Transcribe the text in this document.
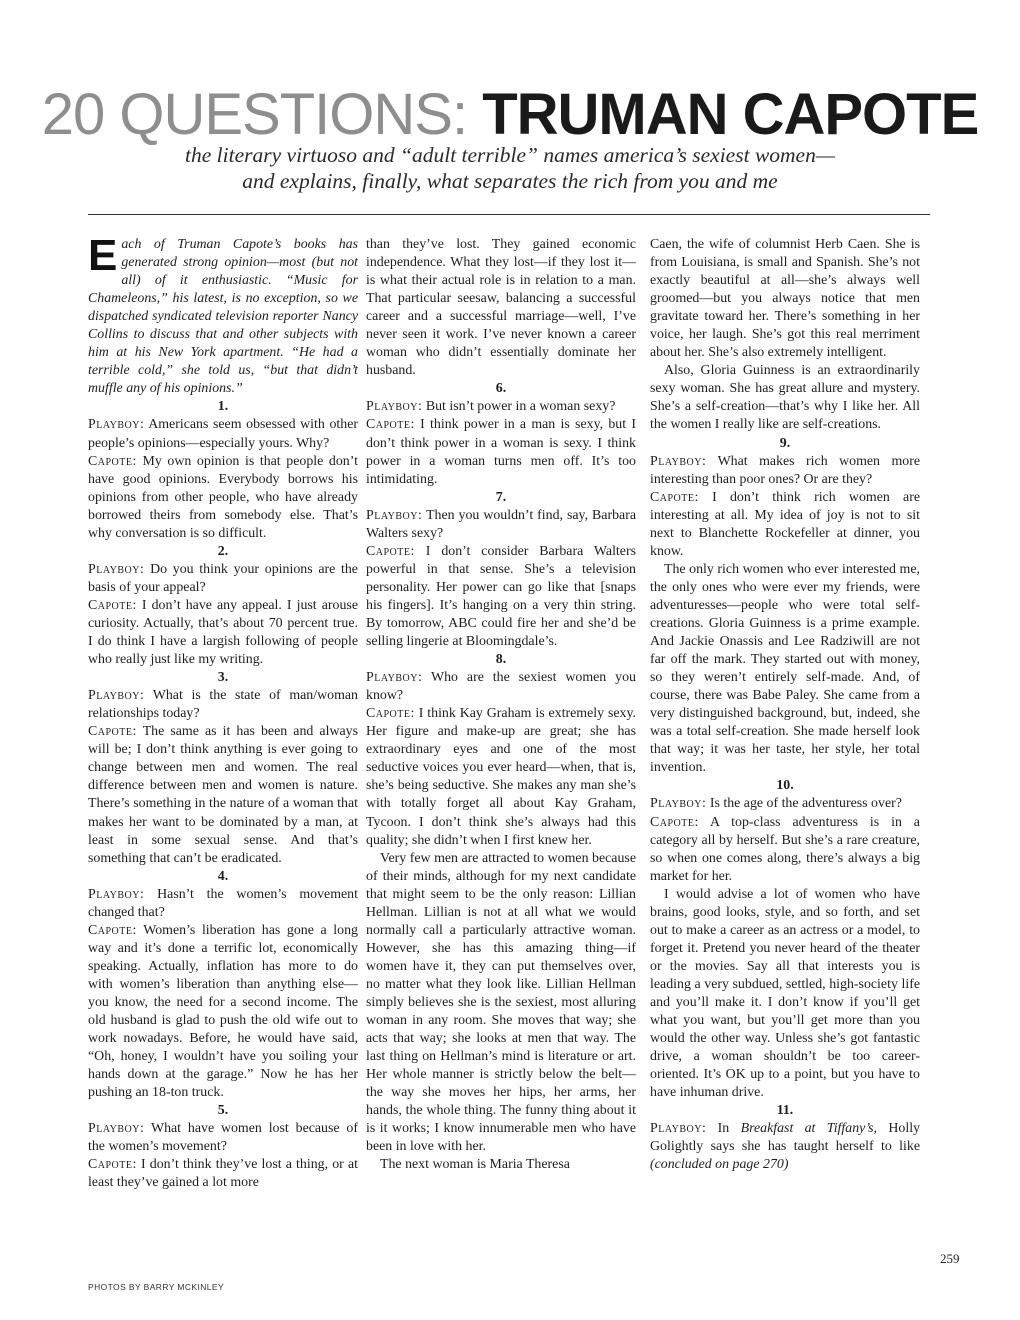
20 QUESTIONS: TRUMAN CAPOTE
the literary virtuoso and “adult terrible” names america’s sexiest women—
and explains, finally, what separates the rich from you and me

Each of Truman Capote’s books has generated strong opinion—most (but not all) of it enthusiastic. “Music for Chameleons,” his latest, is no exception, so we dispatched syndicated television reporter Nancy Collins to discuss that and other subjects with him at his New York apartment. “He had a terrible cold,” she told us, “but that didn’t muffle any of his opinions.”

1.

Playboy: Americans seem obsessed with other people’s opinions—especially yours. Why?

Capote: My own opinion is that people don’t have good opinions. Everybody borrows his opinions from other people, who have already borrowed theirs from somebody else. That’s why conversation is so difficult.

2.

Playboy: Do you think your opinions are the basis of your appeal?

Capote: I don’t have any appeal. I just arouse curiosity. Actually, that’s about 70 percent true. I do think I have a largish following of people who really just like my writing.

3.

Playboy: What is the state of man/woman relationships today?

Capote: The same as it has been and always will be; I don’t think anything is ever going to change between men and women. The real difference between men and women is nature. There’s something in the nature of a woman that makes her want to be dominated by a man, at least in some sexual sense. And that’s something that can’t be eradicated.

4.

Playboy: Hasn’t the women’s movement changed that?

Capote: Women’s liberation has gone a long way and it’s done a terrific lot, economically speaking. Actually, inflation has more to do with women’s liberation than anything else—you know, the need for a second income. The old husband is glad to push the old wife out to work nowadays. Before, he would have said, “Oh, honey, I wouldn’t have you soiling your hands down at the garage.” Now he has her pushing an 18-ton truck.

5.

Playboy: What have women lost because of the women’s movement?

Capote: I don’t think they’ve lost a thing, or at least they’ve gained a lot more

than they’ve lost. They gained economic independence. What they lost—if they lost it—is what their actual role is in relation to a man. That particular seesaw, balancing a successful career and a successful marriage—well, I’ve never seen it work. I’ve never known a career woman who didn’t essentially dominate her husband.

6.

Playboy: But isn’t power in a woman sexy?

Capote: I think power in a man is sexy, but I don’t think power in a woman is sexy. I think power in a woman turns men off. It’s too intimidating.

7.

Playboy: Then you wouldn’t find, say, Barbara Walters sexy?

Capote: I don’t consider Barbara Walters powerful in that sense. She’s a television personality. Her power can go like that [snaps his fingers]. It’s hanging on a very thin string. By tomorrow, ABC could fire her and she’d be selling lingerie at Bloomingdale’s.

8.

Playboy: Who are the sexiest women you know?

Capote: I think Kay Graham is extremely sexy. Her figure and make-up are great; she has extraordinary eyes and one of the most seductive voices you ever heard—when, that is, she’s being seductive. She makes any man she’s with totally forget all about Kay Graham, Tycoon. I don’t think she’s always had this quality; she didn’t when I first knew her.

Very few men are attracted to women because of their minds, although for my next candidate that might seem to be the only reason: Lillian Hellman. Lillian is not at all what we would normally call a particularly attractive woman. However, she has this amazing thing—if women have it, they can put themselves over, no matter what they look like. Lillian Hellman simply believes she is the sexiest, most alluring woman in any room. She moves that way; she acts that way; she looks at men that way. The last thing on Hellman’s mind is literature or art. Her whole manner is strictly below the belt—the way she moves her hips, her arms, her hands, the whole thing. The funny thing about it is it works; I know innumerable men who have been in love with her.

The next woman is Maria Theresa

Caen, the wife of columnist Herb Caen. She is from Louisiana, is small and Spanish. She’s not exactly beautiful at all—she’s always well groomed—but you always notice that men gravitate toward her. There’s something in her voice, her laugh. She’s got this real merriment about her. She’s also extremely intelligent.

Also, Gloria Guinness is an extraordinarily sexy woman. She has great allure and mystery. She’s a self-creation—that’s why I like her. All the women I really like are self-creations.

9.

Playboy: What makes rich women more interesting than poor ones? Or are they?

Capote: I don’t think rich women are interesting at all. My idea of joy is not to sit next to Blanchette Rockefeller at dinner, you know.

The only rich women who ever interested me, the only ones who were ever my friends, were adventuresses—people who were total self-creations. Gloria Guinness is a prime example. And Jackie Onassis and Lee Radziwill are not far off the mark. They started out with money, so they weren’t entirely self-made. And, of course, there was Babe Paley. She came from a very distinguished background, but, indeed, she was a total self-creation. She made herself look that way; it was her taste, her style, her total invention.

10.

Playboy: Is the age of the adventuress over?

Capote: A top-class adventuress is in a category all by herself. But she’s a rare creature, so when one comes along, there’s always a big market for her.

I would advise a lot of women who have brains, good looks, style, and so forth, and set out to make a career as an actress or a model, to forget it. Pretend you never heard of the theater or the movies. Say all that interests you is leading a very subdued, settled, high-society life and you’ll make it. I don’t know if you’ll get what you want, but you’ll get more than you would the other way. Unless she’s got fantastic drive, a woman shouldn’t be too career-oriented. It’s OK up to a point, but you have to have inhuman drive.

11.

Playboy: In Breakfast at Tiffany’s, Holly Golightly says she has taught herself to like (concluded on page 270)

259
PHOTOS BY BARRY MCKINLEY
